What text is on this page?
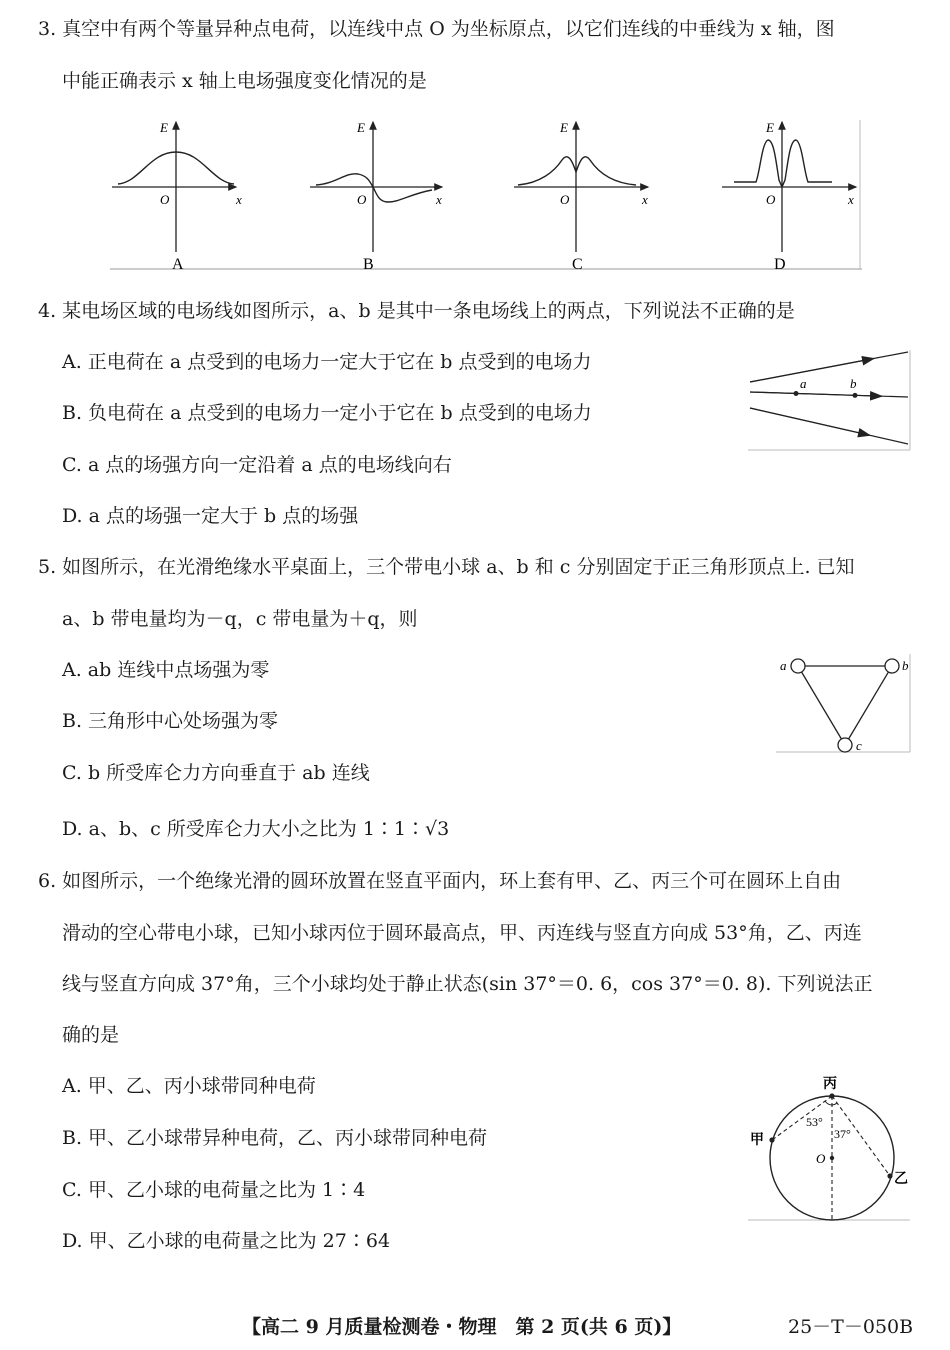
3. 真空中有两个等量异种点电荷，以连线中点 O 为坐标原点，以它们连线的中垂线为 x 轴，图
中能正确表示 x 轴上电场强度变化情况的是
E
O	x
A
E
O	x
B
E
O	x
C
E
O	x
D
4. 某电场区域的电场线如图所示，a、b 是其中一条电场线上的两点，下列说法不正确的是
A. 正电荷在 a 点受到的电场力一定大于它在 b 点受到的电场力
B. 负电荷在 a 点受到的电场力一定小于它在 b 点受到的电场力
C. a 点的场强方向一定沿着 a 点的电场线向右
D. a 点的场强一定大于 b 点的场强
a	b
5. 如图所示，在光滑绝缘水平桌面上，三个带电小球 a、b 和 c 分别固定于正三角形顶点上. 已知
a、b 带电量均为－q，c 带电量为＋q，则
A. ab 连线中点场强为零
B. 三角形中心处场强为零
C. b 所受库仑力方向垂直于 ab 连线
D. a、b、c 所受库仑力大小之比为 1∶1∶√3
a	b
c
6. 如图所示，一个绝缘光滑的圆环放置在竖直平面内，环上套有甲、乙、丙三个可在圆环上自由
滑动的空心带电小球，已知小球丙位于圆环最高点，甲、丙连线与竖直方向成 53°角，乙、丙连
线与竖直方向成 37°角，三个小球均处于静止状态(sin 37°＝0. 6，cos 37°＝0. 8). 下列说法正
确的是
A. 甲、乙、丙小球带同种电荷
B. 甲、乙小球带异种电荷，乙、丙小球带同种电荷
C. 甲、乙小球的电荷量之比为 1∶4
D. 甲、乙小球的电荷量之比为 27∶64
丙
甲
乙
O
53°
37°
【高二 9 月质量检测卷・物理　第 2 页(共 6 页)】	25－T－050B
